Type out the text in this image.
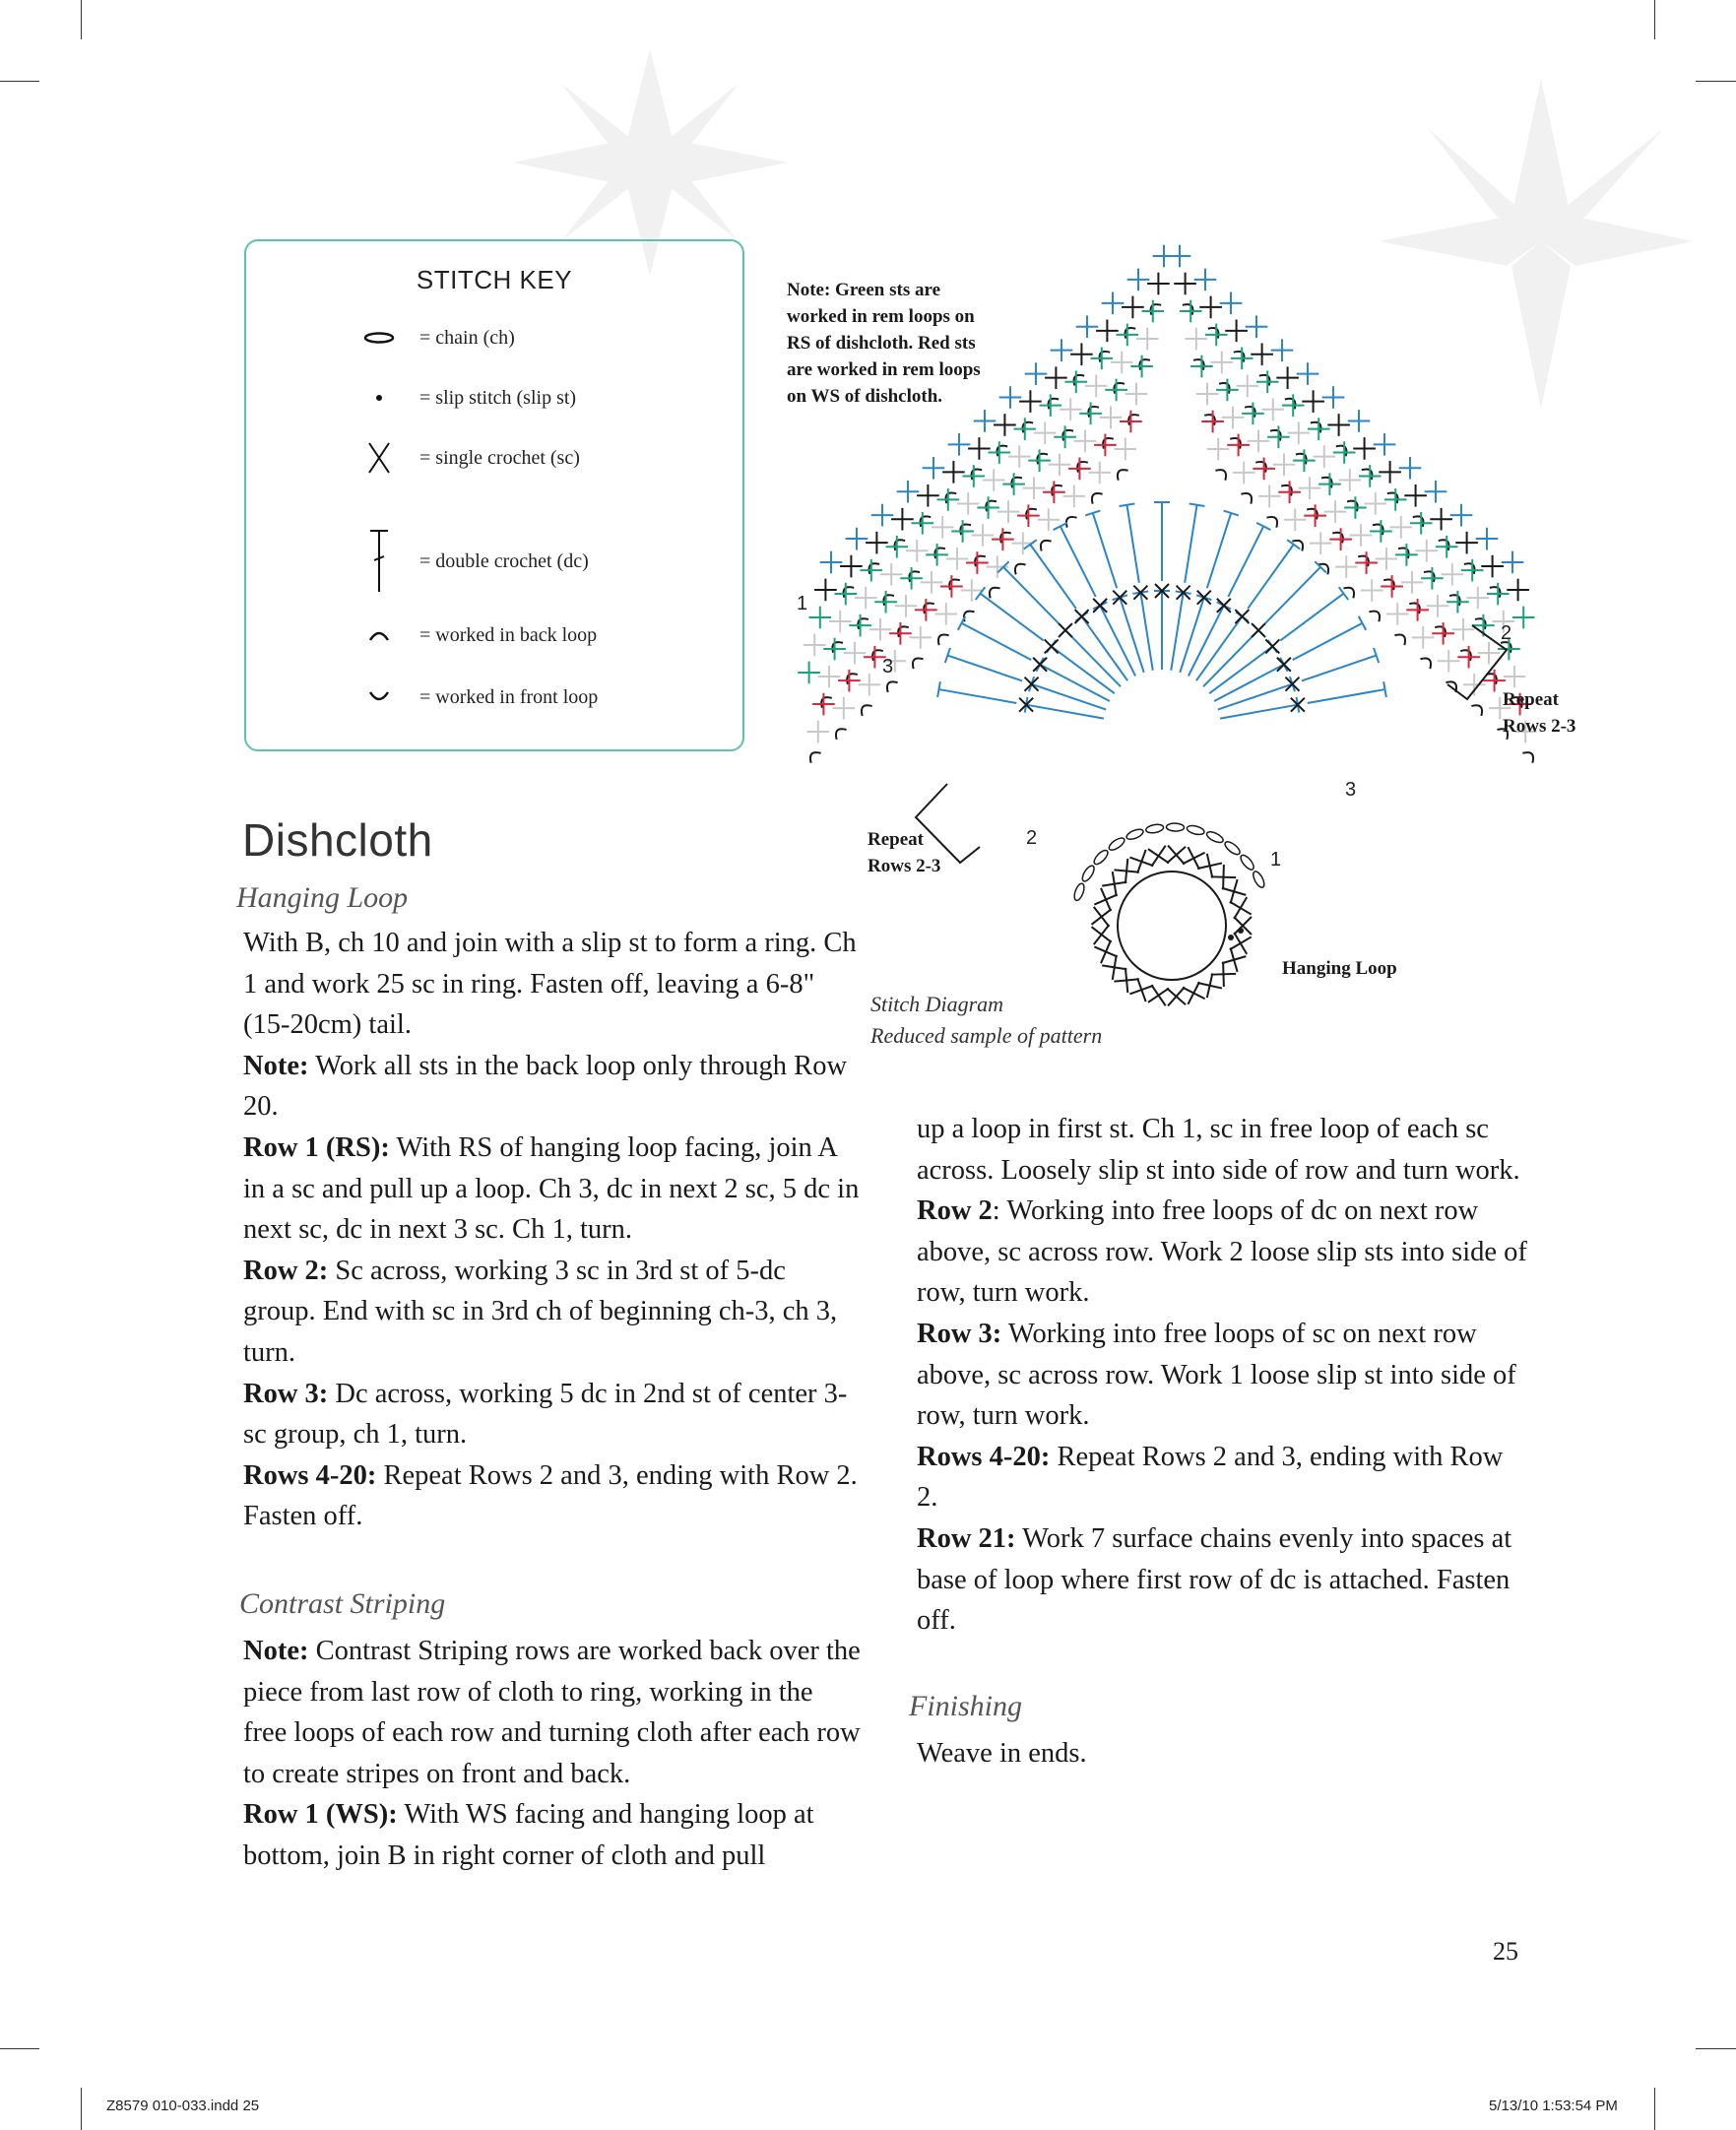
STITCH KEY
= chain (ch)
= slip stitch (slip st)
= single crochet (sc)
= double crochet (dc)
= worked in back loop
= worked in front loop
Note: Green sts are
worked in rem loops on
RS of dishcloth. Red sts
are worked in rem loops
on WS of dishcloth.
Repeat
Rows 2-3
Repeat
Rows 2-3
Hanging Loop
1
2
3
1
2
3
Stitch Diagram
Reduced sample of pattern
Dishcloth
Hanging Loop

With B, ch 10 and join with a slip st to form a ring. Ch 1 and work 25 sc in ring. Fasten off, leaving a 6-8" (15-20cm) tail.

Note: Work all sts in the back loop only through Row 20.

Row 1 (RS): With RS of hanging loop facing, join A in a sc and pull up a loop. Ch 3, dc in next 2 sc, 5 dc in next sc, dc in next 3 sc. Ch 1, turn.

Row 2: Sc across, working 3 sc in 3rd st of 5-dc group. End with sc in 3rd ch of beginning ch-3, ch 3, turn.

Row 3: Dc across, working 5 dc in 2nd st of center 3-sc group, ch 1, turn.

Rows 4-20: Repeat Rows 2 and 3, ending with Row 2. Fasten off.

Contrast Striping

Note: Contrast Striping rows are worked back over the piece from last row of cloth to ring, working in the free loops of each row and turning cloth after each row to create stripes on front and back.

Row 1 (WS): With WS facing and hanging loop at bottom, join B in right corner of cloth and pull

up a loop in first st. Ch 1, sc in free loop of each sc across. Loosely slip st into side of row and turn work.

Row 2: Working into free loops of dc on next row above, sc across row. Work 2 loose slip sts into side of row, turn work.

Row 3: Working into free loops of sc on next row above, sc across row. Work 1 loose slip st into side of row, turn work.

Rows 4-20: Repeat Rows 2 and 3, ending with Row 2.

Row 21: Work 7 surface chains evenly into spaces at base of loop where first row of dc is attached. Fasten off.

Finishing

Weave in ends.

25
Z8579 010-033.indd 25	5/13/10 1:53:54 PM
